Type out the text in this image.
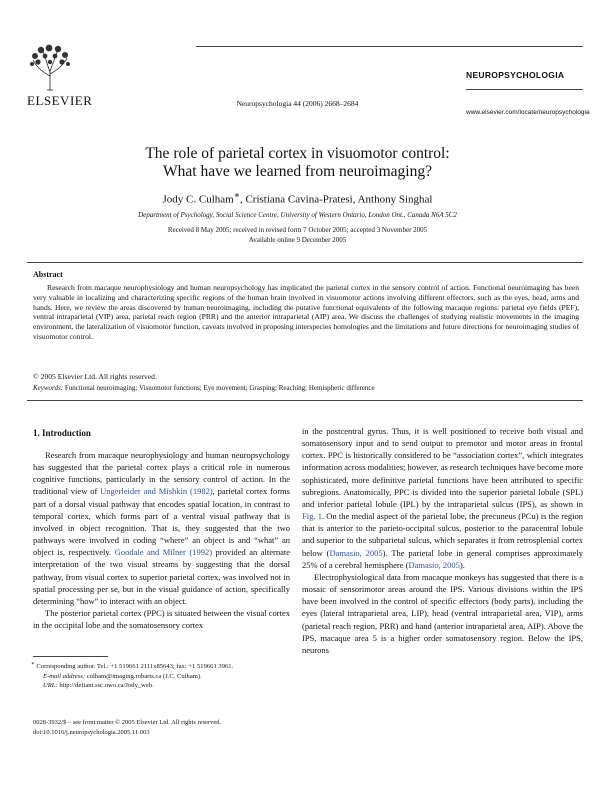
ELSEVIER	Neuropsychologia 44 (2006) 2668–2684
NEUROPSYCHOLOGIA
www.elsevier.com/locate/neuropsychologia
The role of parietal cortex in visuomotor control:
What have we learned from neuroimaging?
Jody C. Culham∗, Cristiana Cavina-Pratesi, Anthony Singhal
Department of Psychology, Social Science Centre, University of Western Ontario, London Ont., Canada N6A 5C2
Received 8 May 2005; received in revised form 7 October 2005; accepted 3 November 2005
Available online 9 December 2005
Abstract

Research from macaque neurophysiology and human neuropsychology has implicated the parietal cortex in the sensory control of action. Functional neuroimaging has been very valuable in localizing and characterizing specific regions of the human brain involved in visuomotor actions involving different effectors, such as the eyes, head, arms and hands. Here, we review the areas discovered by human neuroimaging, including the putative functional equivalents of the following macaque regions: parietal eye fields (PEF), ventral intraparietal (VIP) area, parietal reach region (PRR) and the anterior intraparietal (AIP) area. We discuss the challenges of studying realistic movements in the imaging environment, the lateralization of visuomotor function, caveats involved in proposing interspecies homologies and the limitations and future directions for neuroimaging studies of visuomotor control.

© 2005 Elsevier Ltd. All rights reserved.
Keywords: Functional neuroimaging; Visuomotor functions; Eye movement; Grasping; Reaching; Hemispheric difference
1. Introduction

Research from macaque neurophysiology and human neuropsychology has suggested that the parietal cortex plays a critical role in numerous cognitive functions, particularly in the sensory control of action. In the traditional view of Ungerleider and Mishkin (1982), parietal cortex forms part of a dorsal visual pathway that encodes spatial location, in contrast to temporal cortex, which forms part of a ventral visual pathway that is involved in object recognition. That is, they suggested that the two pathways were involved in coding “where” an object is and “what” an object is, respectively. Goodale and Milner (1992) provided an alternate interpretation of the two visual streams by suggesting that the dorsal pathway, from visual cortex to superior parietal cortex, was involved not in spatial processing per se, but in the visual guidance of action, specifically determining “how” to interact with an object.

The posterior parietal cortex (PPC) is situated between the visual cortex in the occipital lobe and the somatosensory cortex

in the postcentral gyrus. Thus, it is well positioned to receive both visual and somatosensory input and to send output to premotor and motor areas in frontal cortex. PPC is historically considered to be “association cortex”, which integrates information across modalities; however, as research techniques have become more sophisticated, more definitive parietal functions have been attributed to specific subregions. Anatomically, PPC is divided into the superior parietal lobule (SPL) and inferior parietal lobule (IPL) by the intraparietal sulcus (IPS), as shown in Fig. 1. On the medial aspect of the parietal lobe, the precuneus (PCu) is the region that is anterior to the parieto-occipital sulcus, posterior to the paracentral lobule and superior to the subparietal sulcus, which separates it from retrosplenial cortex below (Damasio, 2005). The parietal lobe in general comprises approximately 25% of a cerebral hemisphere (Damasio, 2005).

Electrophysiological data from macaque monkeys has suggested that there is a mosaic of sensorimotor areas around the IPS. Various divisions within the IPS have been involved in the control of specific effectors (body parts), including the eyes (lateral intraparietal area, LIP), head (ventral intraparietal area, VIP), arms (parietal reach region, PRR) and hand (anterior intraparietal area, AIP). Above the IPS, macaque area 5 is a higher order somatosensory region. Below the IPS, neurons

∗ Corresponding author. Tel.: +1 519661 2111x85643; fax: +1 519661 3961.
E-mail address: culham@imaging.robarts.ca (J.C. Culham).
URL: http://defiant.ssc.uwo.ca/Jody_web.
0028-3932/$ – see front matter © 2005 Elsevier Ltd. All rights reserved.
doi:10.1016/j.neuropsychologia.2005.11.003
